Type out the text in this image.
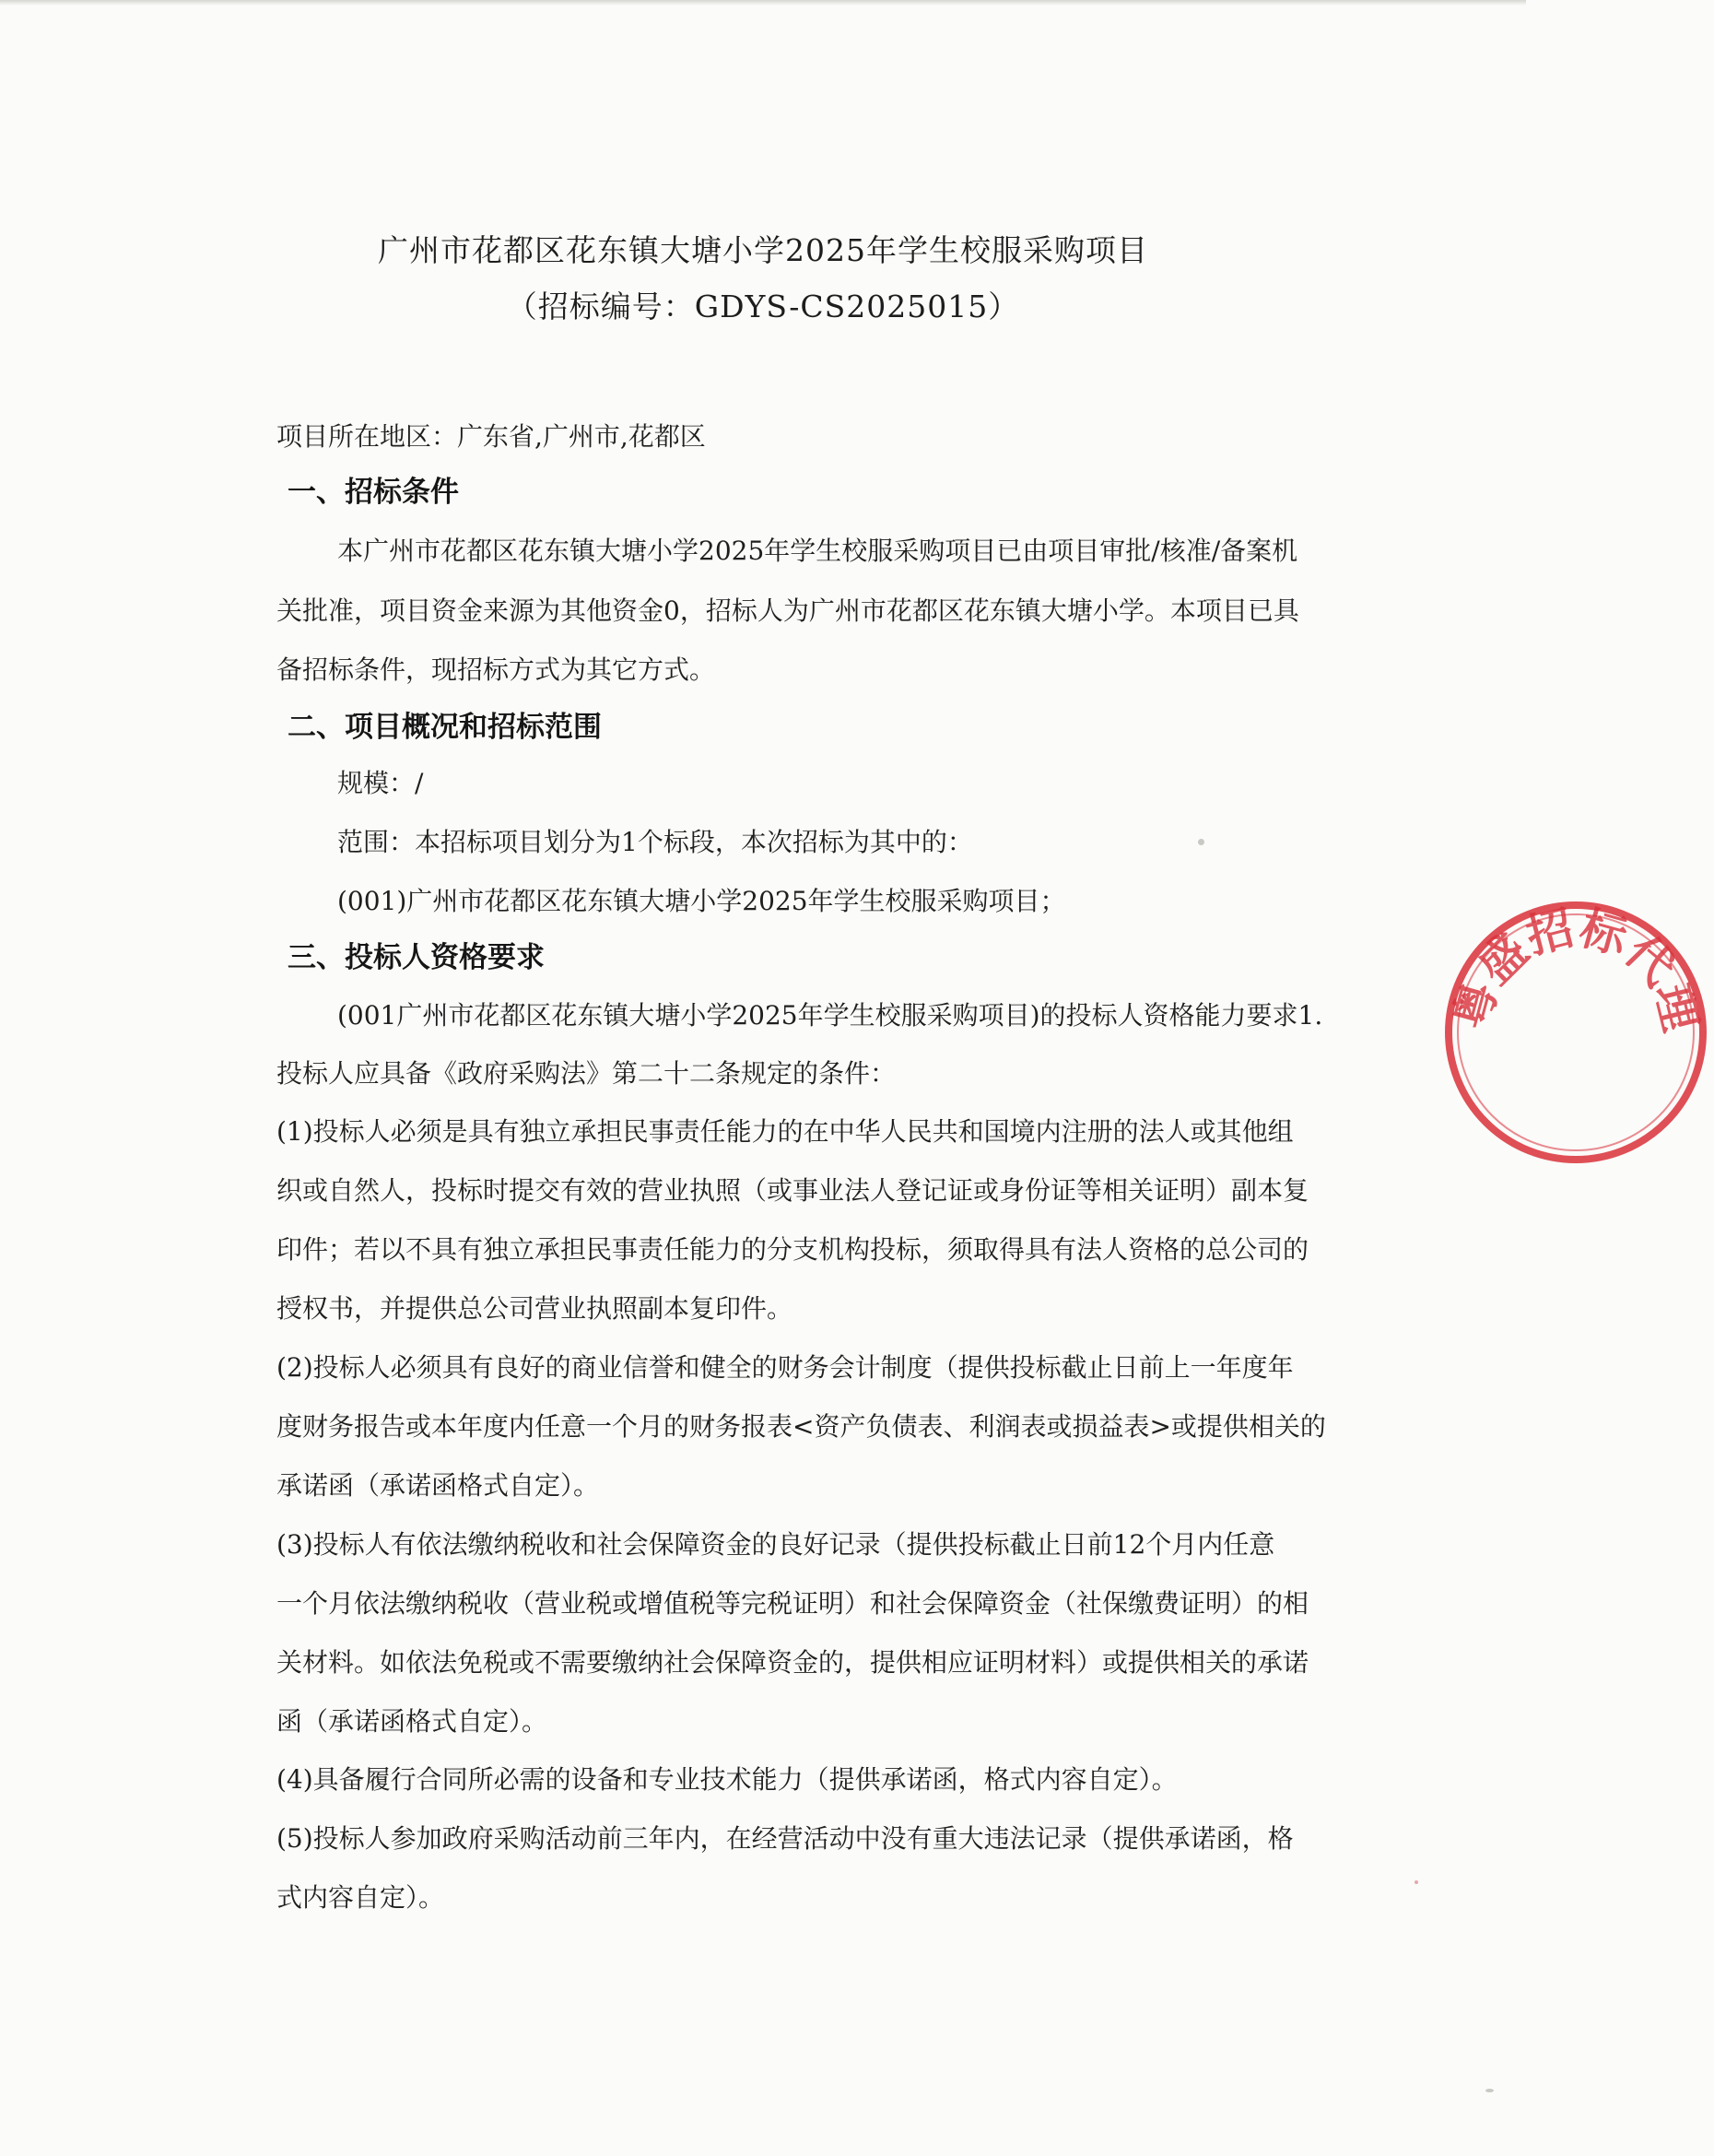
广州市花都区花东镇大塘小学2025年学生校服采购项目
（招标编号：GDYS-CS2025015）
项目所在地区：广东省,广州市,花都区
一、招标条件
本广州市花都区花东镇大塘小学2025年学生校服采购项目已由项目审批/核准/备案机
关批准，项目资金来源为其他资金0，招标人为广州市花都区花东镇大塘小学。本项目已具
备招标条件，现招标方式为其它方式。
二、项目概况和招标范围
规模：/
范围：本招标项目划分为1个标段，本次招标为其中的：
(001)广州市花都区花东镇大塘小学2025年学生校服采购项目；
三、投标人资格要求
(001广州市花都区花东镇大塘小学2025年学生校服采购项目)的投标人资格能力要求1.
投标人应具备《政府采购法》第二十二条规定的条件：
(1)投标人必须是具有独立承担民事责任能力的在中华人民共和国境内注册的法人或其他组
织或自然人，投标时提交有效的营业执照（或事业法人登记证或身份证等相关证明）副本复
印件；若以不具有独立承担民事责任能力的分支机构投标，须取得具有法人资格的总公司的
授权书，并提供总公司营业执照副本复印件。
(2)投标人必须具有良好的商业信誉和健全的财务会计制度（提供投标截止日前上一年度年
度财务报告或本年度内任意一个月的财务报表<资产负债表、利润表或损益表>或提供相关的
承诺函（承诺函格式自定）。
(3)投标人有依法缴纳税收和社会保障资金的良好记录（提供投标截止日前12个月内任意
一个月依法缴纳税收（营业税或增值税等完税证明）和社会保障资金（社保缴费证明）的相
关材料。如依法免税或不需要缴纳社会保障资金的，提供相应证明材料）或提供相关的承诺
函（承诺函格式自定）。
(4)具备履行合同所必需的设备和专业技术能力（提供承诺函，格式内容自定）。
(5)投标人参加政府采购活动前三年内，在经营活动中没有重大违法记录（提供承诺函，格
式内容自定）。
粤盛招标代理
